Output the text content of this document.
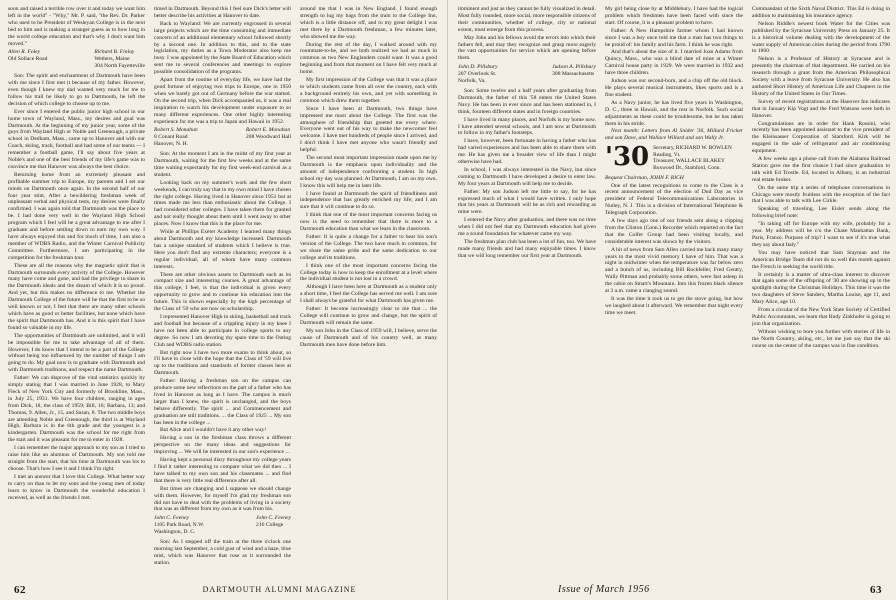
soon and raised a terrible row over it and today we want him left in the world" - "Why," Mr. P. said, "the Rev. Dr. Parker who used to be President of Wesleyan College is in the next bed to him and is making a stranger guess as to how long in the world college education and that's why I don't want him moved."

Allen R. Foley
Old Sollace Road
Richard B. Finlay
Wethers, Maine
304 North Fayetteville

Son: The spirit and enchantment of Dartmouth have been with me since I first met it because of my father. However, even though I knew my dad wanted very much for me to follow his trail he likely to go to Dartmouth, he left the decision of which college to choose up to me.

Ever since I entered the public junior high school in our home town of Wayland, Mass., my desires and goal was Dartmouth. At the beginning of my junior year, some of the guys from Wayland High or Noble and Greenough, a private school in Dedham, Mass., came up to Hanover and with our Coach, skiing, track, football and had some of our teams — I remember a football game, I'll say about five years at Noble's and one of the best friends of my life's game was to convince me that Hanover was always the best choice.

Returning home from an extremely pleasant and profitable summer trip to Europe, my parents and I set our minds on Dartmouth once again. In the second half of our four year stint, After a bewildering freshman week of unpleasant verbal and physical tests, my desires were finally confirmed. I was again told that Dartmouth was the place to be. I had done very well in the Wayland High School program which I feel will be a great advantage to me after I graduate and before settling down to earn my own way. I have always enjoyed this and for much of time, I am also a member of WDBS Radio, and the Winter Carnival Publicity Committee. Furthermore, I am participating in the competition for the freshman tour.

These are all the reasons why the magnetic spirit that is Dartmouth surrounds every activity of the College. However many have come and gone, and had the privilege to share in the Dartmouth ideals and the dream of which it is so proud. And yet, but this makes no difference to me. Whether the Dartmouth College of the future will be that the first to be so well known or not, I feel that there are many other schools which have as good or better facilities, but none which have the spirit that Dartmouth has. And it is this spirit that I have found so valuable in my life.

The opportunities of Dartmouth are unlimited, and it will be impossible for me to take advantage of all of them. However, I do know that I intend to be a part of the College without being too influenced by the number of things I am going to do. My goal now is to graduate with Dartmouth and with Dartmouth traditions, and respect the name Dartmouth.

Father: We can disprove of the vital statistics quickly by simply stating that I was married in June 1928, to Mary Fleck of New York City and formerly of Brookline, Mass., in July 25, 1931. We have four children, ranging in ages from Dick, 18, the class of 1959; Bill, 16; Barbara, 13; and Thomas, 9. Allen, Jr., 15, and Susan, 8. The two middle boys are attending Noble and Greenough, the third is at Wayland High, Barbara is in the 6th grade and the youngest is a kindergarten. Dartmouth was the school for me right from the start and it was pleasant for me to enter in 1928.

I can remember the major approach to my son as I tried to raise him like an alumnus of Dartmouth. My son told me straight from the start, that his time at Dartmouth was his to choose. That's how I see it and I think I'm right.

I met an answer that I love this College. What better way to carry on than to let my sons and the young men of today learn to know in Dartmouth the wonderful education I received, as well as the friends I met.

timed in Dartmouth. Beyond this I feel sure Dick's letter will better describe his activities at Hanover to date.

Back to Wayland: We are currently engrossed in several large projects which are the time consuming and immediate concern of an additional elementary school followed shortly by a second one. In addition to this, and to the state legislation, my duties as a Town Moderator also keep me busy. I was appointed by the State Board of Education which sent me to several conferences and meetings to explore possible consolidation of the programs.

Apart from the routine of everyday life, we have had the good fortune of enjoying two trips to Europe, one in 1950 when we barely got out of Germany before the war started. On the second trip, when Dick accompanied us, it was a real inspiration to watch his development under exposure to so many different experiences. One other highly interesting experience for me was a trip to Japan and Hawaii in 1952.

Robert S. Monahan
8 Conant Road
Hanover, N. H.
Robert E. Monahan
208 Woodward Hall

Son: At the moment I am in the midst of my first year at Dartmouth, waiting for the first few weeks and at the same time waiting expectantly for my first week-end carnival as a student.

Looking back on my summer's work and the few short weekends, I can truly say that in my own mind I have chosen the right college. Having lived in Hanover since 1951 but at times made me less than enthusiastic about the College. I had considered other colleges. I have taken them for granted and not really thought about them until I went away to other places. Now I know that this is the place for me.

While at Phillips Exeter Academy I learned many things about Dartmouth and my knowledge increased. Dartmouth has a unique standard of students which I believe is true. Here you don't find any extreme characters; everyone is a regular individual, all of whom have many common interests.

There are other obvious assets to Dartmouth such as its compact size and interesting courses. A great advantage of this college, I feel, is that the individual is given every opportunity to grow and to continue his education into the future. This is shown especially by the high percentage of the Class of '59 who are now on scholarship.

I represented Hanover High in skiing, basketball and track and football but because of a crippling injury in my knee I have not been able to participate in college sports to any degree. So now I am devoting my spare time to the Outing Club and WDBS radio station.

But right now I have two more exams to think about, so I'll have to close with the hope that the Class of '59 will live up to the traditions and standards of former classes here at Dartmouth.

Father: Having a freshman son on the campus can produce some new reflections on the part of a father who has lived in Hanover as long as I have. The campus is much larger than I knew, the spirit is unchanged, and the boys behave differently. The spirit ... and Commencement and graduation are still traditions. ... the Class of 1925 ... My son has been in the college ...

But Alice and I wouldn't have it any other way!

Having a son in the freshman class throws a different perspective on the many ideas and suggestions for improving ... We will be interested in our son's experience ...

Having kept a personal diary throughout my college years I find it rather interesting to compare what we did then ... I have talked to my own son and his classmates ... and find that there is very little real difference after all.

But times are changing and I suppose we should change with them. However, for myself I'm glad my freshman son did not have to deal with the problems of living in a society that was as different from my own as it was from his.

John C. Feeney
1105 Park Road, N.W.
Washington, D. C.
John C. Feeney
216 College

Son: As I stepped off the train at the three o'clock one morning last September, a cold gust of wind and a haze, blue mist, which was Hanover that rose as it surrounded the station.

around me that I was in New England. I found enough strength to lug my bags from the train to the College Inn, which is a little distance off, and to my great delight I was met there by a Dartmouth freshman, a few minutes later, who showed me the way.

During the rest of the day, I walked around with my roommate-to-be, and we both realized we had as much in common as two New Englanders could want. It was a good beginning and from that moment on I have felt very much at home.

My first impression of the College was that it was a place to which students came from all over the country, each with a background entirely his own, and yet with something in common which drew them together.

Since I have been at Dartmouth, two things have impressed me most about the College. The first was the atmosphere of friendship that greeted me every where. Everyone went out of his way to make the newcomer feel welcome. I have met hundreds of people since I arrived, and I don't think I have met anyone who wasn't friendly and helpful.

The second most important impression made upon me by Dartmouth is the emphasis upon individuality and the amount of independence confronting a student. In high school my day was planned. At Dartmouth, I am on my own. I know this will help me in later life.

I have found at Dartmouth the spirit of friendliness and independence that has greatly enriched my life; and I am sure that it will continue to do so.

I think that one of the most important concerns facing us now is the need to remember that there is more to a Dartmouth education than what we learn in the classroom.

Father: It is quite a change for a father to hear his son's version of the College. The two have much in common, for we share the same pride and the same dedication to our college and its traditions.

I think one of the most important concerns facing the College today is how to keep the enrollment at a level where the individual student is not lost in a crowd.

Although I have been here at Dartmouth as a student only a short time, I feel the College has served me well. I am sure I shall always be grateful for what Dartmouth has given me.

Father: It become increasingly clear to me that ... the College will continue to grow and change, but the spirit of Dartmouth will remain the same.

My son John in the Class of 1959 will, I believe, serve the cause of Dartmouth and of his country well, as many Dartmouth men have done before him.

62	DARTMOUTH ALUMNI MAGAZINE

imminent and just as they cannot be fully visualized in detail. Most fully rounded, more social, more responsible citizens of their communities, whether of college, city or national extent, must emerge from this process.

May John and his fellows avoid the errors into which their fathers fell, and may they recognize and grasp more eagerly the vast opportunities for service which are opening before them.

John D. Pillsbury
207 Overlook St.
Norfolk, Va.
Judson A. Pillsbury
308 Massachusetts

Son: Some twelve and a half years after graduating from Dartmouth, the father of this '58 enters the United States Navy. He has been in ever since and has been stationed in, I think, fourteen different states and in foreign countries.

I have lived in many places, and Norfolk is my home now. I have attended several schools, and I am now at Dartmouth to follow in my father's footsteps.

I have, however, been fortunate in having a father who has had varied experiences and has been able to share them with me. He has given me a broader view of life than I might otherwise have had.

In school, I was always interested in the Navy, but since coming to Dartmouth I have developed a desire to enter law. My four years at Dartmouth will help me to decide.

Father: My son Judson left me little to say, for he has expressed much of what I would have written. I only hope that his years at Dartmouth will be as rich and rewarding as mine were.

I entered the Navy after graduation, and there was no time when I did not feel that my Dartmouth education had given me a sound foundation for whatever came my way.

The freshman plan club has been a lot of fun, too. We have made many friends and had many enjoyable times. I know that we will long remember our first year at Dartmouth.

My girl being close by at Middlebury, I have had the logical problem which freshmen have been faced with since the start. Of course, it is a pleasant problem to have.

Father: A New Hampshire farmer whom I had known since I was a boy once told me that a man has two things to be proud of: his family and his farm. I think he was right.

And that's about the size of it. I married Joan Adams from Quincy, Mass., who was a blind date of mine at a Winter Carnival house party in 1929. We were married in 1932 and have three children.

Judson was our second-born, and a chip off the old block. He plays several musical instruments, likes sports and is a fine student.

As a Navy junior, he has lived five years in Washington, D. C., three in Hawaii, and the rest in Norfolk. Such social adjustments as these could be troublesome, but he has taken them in his stride.

Next month: Letters from Al Snider '36, Millard Fricker and son Dave, and Wallace Willard and son Wally Jr.

'30 Secretary, RICHARD W. BOWLEN
Reading, Vt.
Treasurer, WALLACE BLAKEY
Boxwood Dr., Stamford, Conn.

Bequest Chairman, JOHN F. RICH

One of the latest recognitions to come to the Class is a recent announcement of the election of Dud Day as vice president of Federal Telecommunications Laboratories in Nutley, N. J. This is a division of International Telephone & Telegraph Corporation.

A few days ago one of our friends sent along a clipping from the Clinton (Conn.) Recorder which reported on the fact that the Colfer Group had been visiting locally, and considerable interest was shown by the visitors.

A bit of news from Sam Allen carried me back many many years to the most vivid memory I have of him. That was a night in midwinter when the temperature was far below zero and a bunch of us, including Bill Rockfeller, Fred Gentry, Wally Pittman and probably some others, were fast asleep in the cabin on Smart's Mountain. Into this frozen black silence at 3 a.m. came a clanging sound.

It was the time it took us to get the stove going, but how we laughed about it afterward. We remember that night every time we meet.

Commandant of the Sixth Naval District. This Ed is doing in addition to maintaining his insurance agency.

Nelson Riddle's newest book Water for the Cities was published by the Syracuse University Press on January 25. It is a historical volume dealing with the development of the water supply of American cities during the period from 1790 to 1860.

Nelson is a Professor of History at Syracuse and is presently the chairman of that department. He carried on his research through a grant from the American Philosophical Society with a leave from Syracuse University. He also has authored Short History of American Life and Chapters in the History of the United States in Our Times.

Survey of recent registrations at the Hanover Inn indicates that in January Kip Vogt and the Fred Watsons were both in Hanover.

Congratulations are in order for Hank Rossini, who recently has been appointed assistant to the vice president of the Kleinsasser Corporation of Stamford. Kirk will be engaged in the sale of refrigerator and air conditioning equipment.

A few weeks ago a phone call from the Alabama Railroad Station gave me the first chance I had since graduation to talk with Ed Trostle. Ed, located in Albany, is an industrial real estate broker.

On the same trip a series of telephone conversations in Chicago were mostly fruitless with the exception of the fact that I was able to talk with Lee Cirkle.

Speaking of traveling, Lee Eisler sends along the following brief note:

"In taking off for Europe with my wife, probably for a year. My address will be c/o the Chase Manhattan Bank, Paris, France. Purpose of trip? I want to see if it's true what they say about Italy."

You may have noticed that Sam Stayman and the American Bridge Team did not do so well this month against the French in seeking the world title.

It certainly is a matter of ultra-class interest to discover that again some of the offspring of '30 are showing up in the spotlight during the Christmas Holidays. This time it was the two daughters of Steve Sanders, Martha Louise, age 11, and Mary Alice, age 10.

From a circular of the New York State Society of Certified Public Accountants, we learn that Rudy Zinkhofer is going to join that organization.

Without wishing to bore you further with stories of life in the North Country, skiing, etc., let me just say that the ski course on the center of the campus was in fine condition.

Issue of March 1956	63
